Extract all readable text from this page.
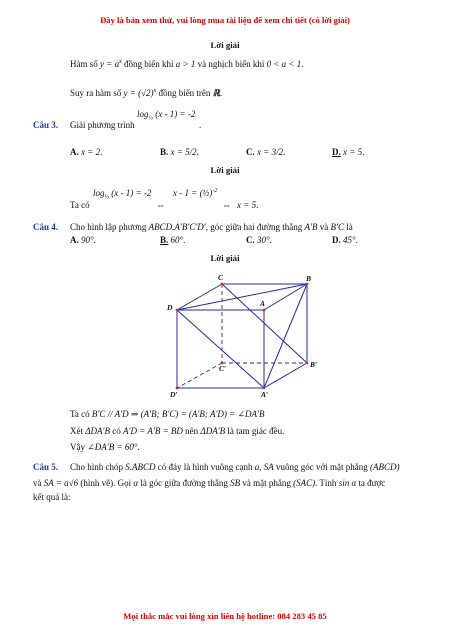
Đây là bản xem thử, vui lòng mua tài liệu để xem chi tiết (có lời giải)
Lời giải
Hàm số $y = a^x$ đồng biến khi a > 1 và nghịch biến khi 0 < a < 1.
Suy ra hàm số $y = (√2)^x$ đồng biến trên ℝ.
Câu 3. Giải phương trình
$\log_{\frac{1}{2}} (x - 1) = -2$
.
A. x = 2.	B. x = 5/2.	C. x = 3/2.	D. x = 5.
Lời giải
Ta có
$\log_{\frac{1}{2}} (x - 1) = -2$
⇔
x - 1 = (½)$^{-2}$
⇔ x = 5.
Câu 4. Cho hình lập phương ABCD.A′B′C′D′, góc giữa hai đường thẳng A′B và B′C là
A. 90°.	B. 60°.	C. 30°.	D. 45°.
Lời giải
C	B
D	A
C′	B′
D′	A′
Ta có B′C // A′D ⇒ (A′B; B′C) = (A′B; A′D) = ∠DA′B
Xét ΔDA′B có A′D = A′B = BD nên ΔDA′B là tam giác đều.
Vậy ∠DA′B = 60°.
Câu 5. Cho hình chóp S.ABCD có đáy là hình vuông cạnh a, SA vuông góc với mặt phẳng (ABCD)
và SA = a√6 (hình vẽ). Gọi α là góc giữa đường thẳng SB và mặt phẳng (SAC). Tính sin α ta được
kết quả là:
Mọi thắc mắc vui lòng xin liên hệ hotline: 084 283 45 85
